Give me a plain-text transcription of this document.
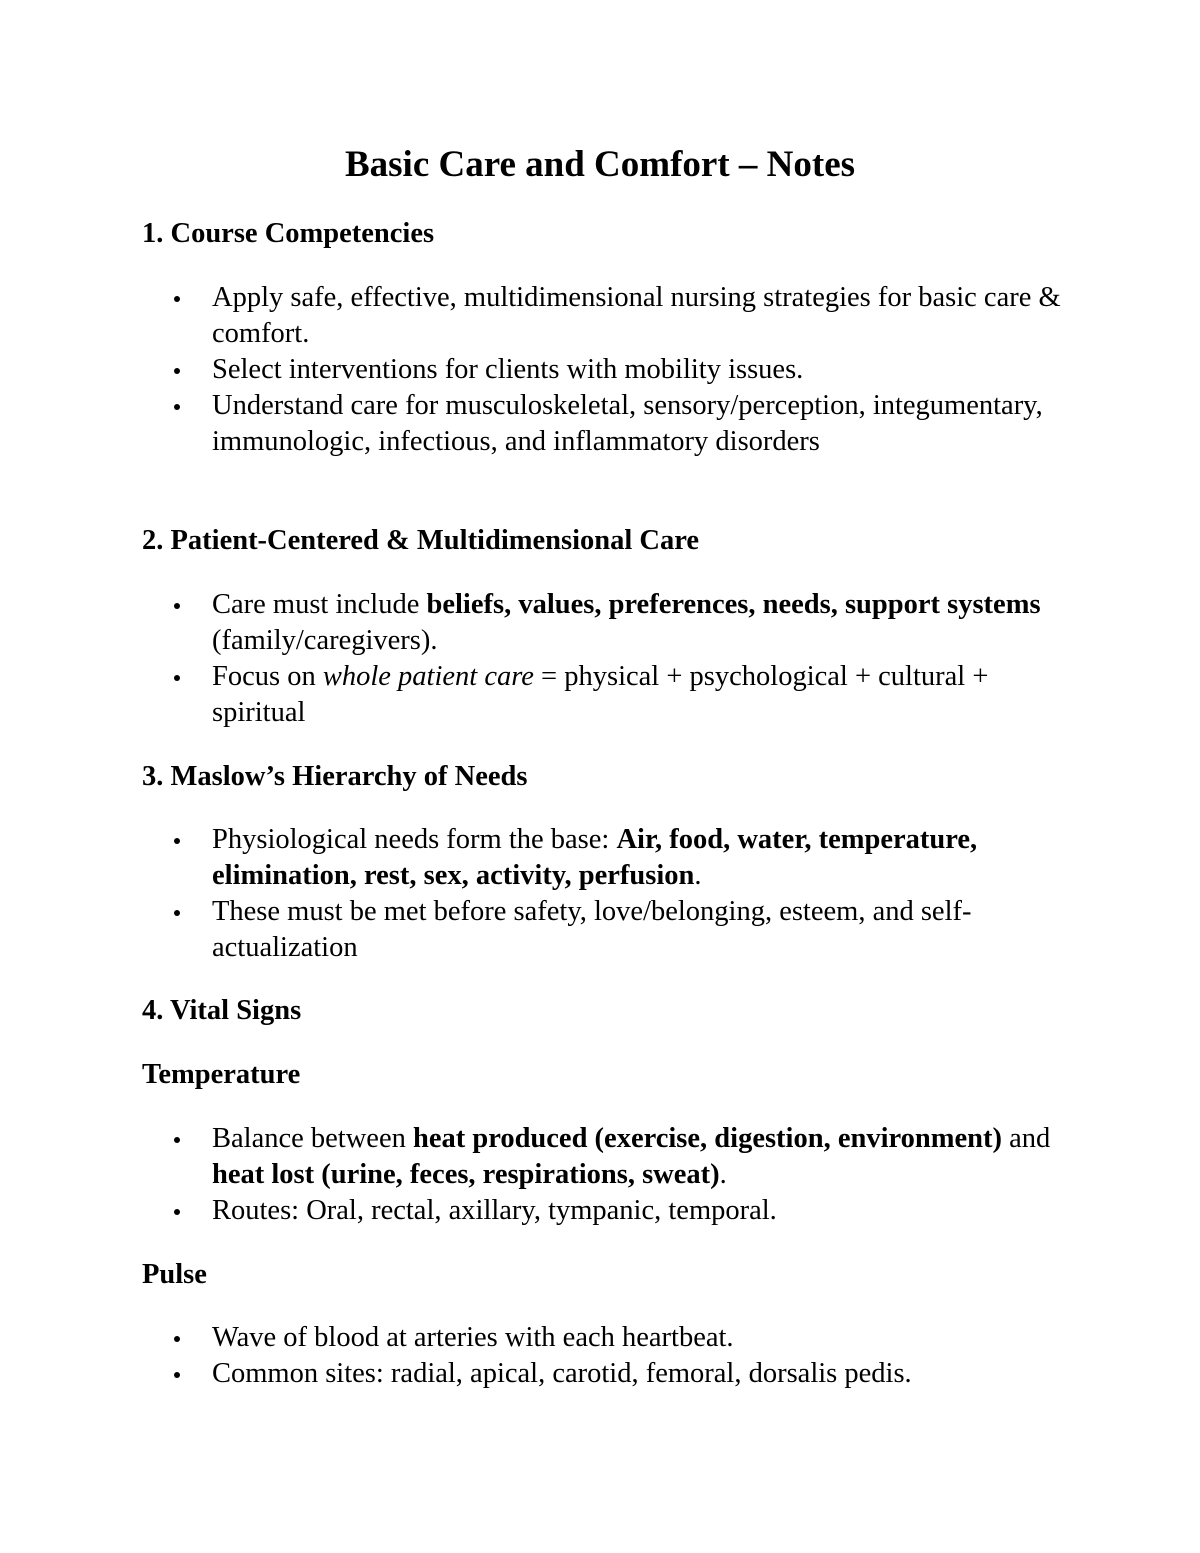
Basic Care and Comfort – Notes
1. Course Competencies
Apply safe, effective, multidimensional nursing strategies for basic care & comfort.
Select interventions for clients with mobility issues.
Understand care for musculoskeletal, sensory/perception, integumentary, immunologic, infectious, and inflammatory disorders
2. Patient-Centered & Multidimensional Care
Care must include beliefs, values, preferences, needs, support systems (family/caregivers).
Focus on whole patient care = physical + psychological + cultural + spiritual
3. Maslow’s Hierarchy of Needs
Physiological needs form the base: Air, food, water, temperature, elimination, rest, sex, activity, perfusion.
These must be met before safety, love/belonging, esteem, and self-actualization
4. Vital Signs
Temperature
Balance between heat produced (exercise, digestion, environment) and heat lost (urine, feces, respirations, sweat).
Routes: Oral, rectal, axillary, tympanic, temporal.
Pulse
Wave of blood at arteries with each heartbeat.
Common sites: radial, apical, carotid, femoral, dorsalis pedis.
